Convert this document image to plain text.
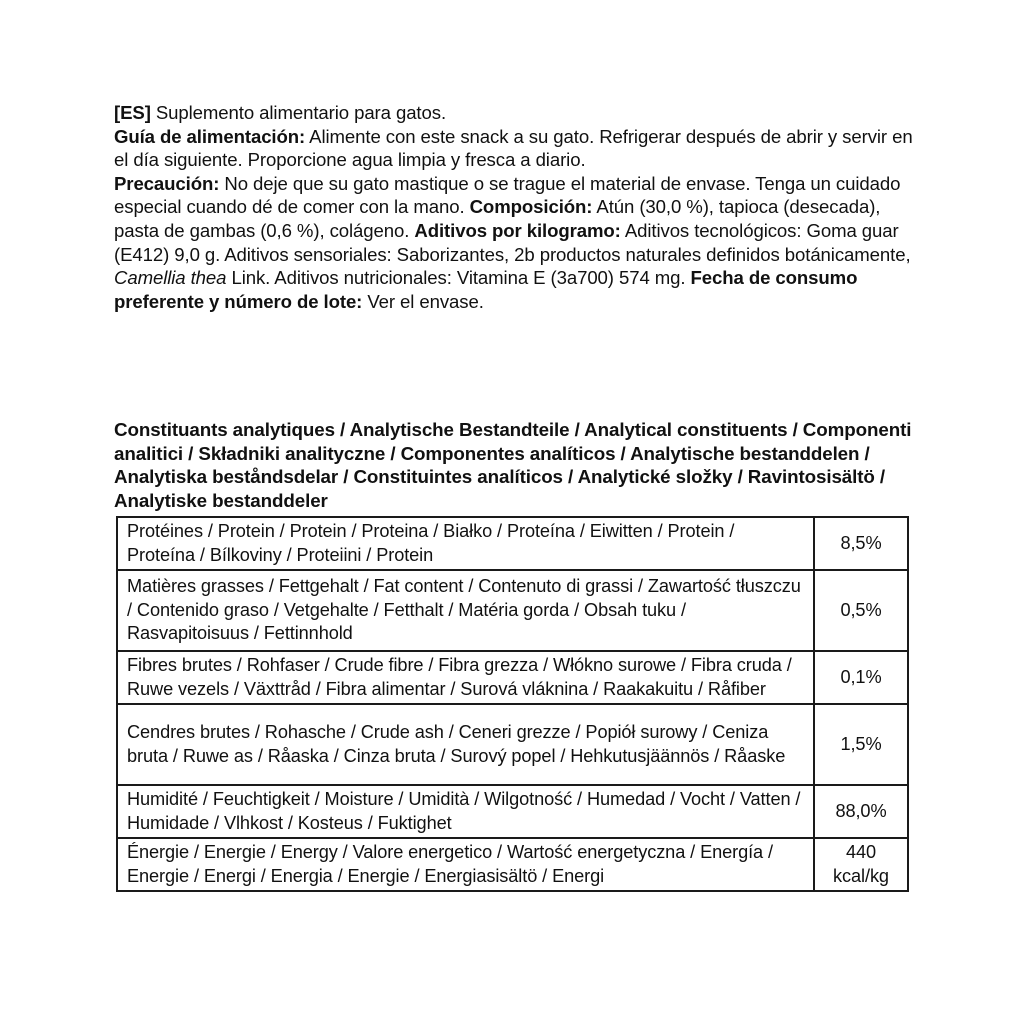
[ES] Suplemento alimentario para gatos.
Guía de alimentación: Alimente con este snack a su gato. Refrigerar después de abrir y servir en el día siguiente. Proporcione agua limpia y fresca a diario.
Precaución: No deje que su gato mastique o se trague el material de envase. Tenga un cuidado especial cuando dé de comer con la mano. Composición: Atún (30,0 %), tapioca (desecada), pasta de gambas (0,6 %), colágeno. Aditivos por kilogramo: Aditivos tecnológicos: Goma guar (E412) 9,0 g. Aditivos sensoriales: Saborizantes, 2b productos naturales definidos botánicamente, Camellia thea Link. Aditivos nutricionales: Vitamina E (3a700) 574 mg. Fecha de consumo preferente y número de lote: Ver el envase.

Constituants analytiques / Analytische Bestandteile / Analytical constituents / Componenti analitici / Składniki analityczne / Componentes analíticos / Analytische bestanddelen / Analytiska beståndsdelar / Constituintes analíticos / Analytické složky / Ravintosisältö / Analytiske bestanddeler

Protéines / Protein / Protein / Proteina / Białko / Proteína / Eiwitten / Protein / Proteína / Bílkoviny / Proteiini / Protein	8,5%
Matières grasses / Fettgehalt / Fat content / Contenuto di grassi / Zawartość tłuszczu / Contenido graso / Vetgehalte / Fetthalt / Matéria gorda / Obsah tuku / Rasvapitoisuus / Fettinnhold	0,5%
Fibres brutes / Rohfaser / Crude fibre / Fibra grezza / Włókno surowe / Fibra cruda / Ruwe vezels / Växttråd / Fibra alimentar / Surová vláknina / Raakakuitu / Råfiber	0,1%
Cendres brutes / Rohasche / Crude ash / Ceneri grezze / Popiół surowy / Ceniza bruta / Ruwe as / Råaska / Cinza bruta / Surový popel / Hehkutusjäännös / Råaske	1,5%
Humidité / Feuchtigkeit / Moisture / Umidità / Wilgotność / Humedad / Vocht / Vatten / Humidade / Vlhkost / Kosteus / Fuktighet	88,0%
Énergie / Energie / Energy / Valore energetico / Wartość energetyczna / Energía / Energie / Energi / Energia / Energie / Energiasisältö / Energi	440 kcal/kg
